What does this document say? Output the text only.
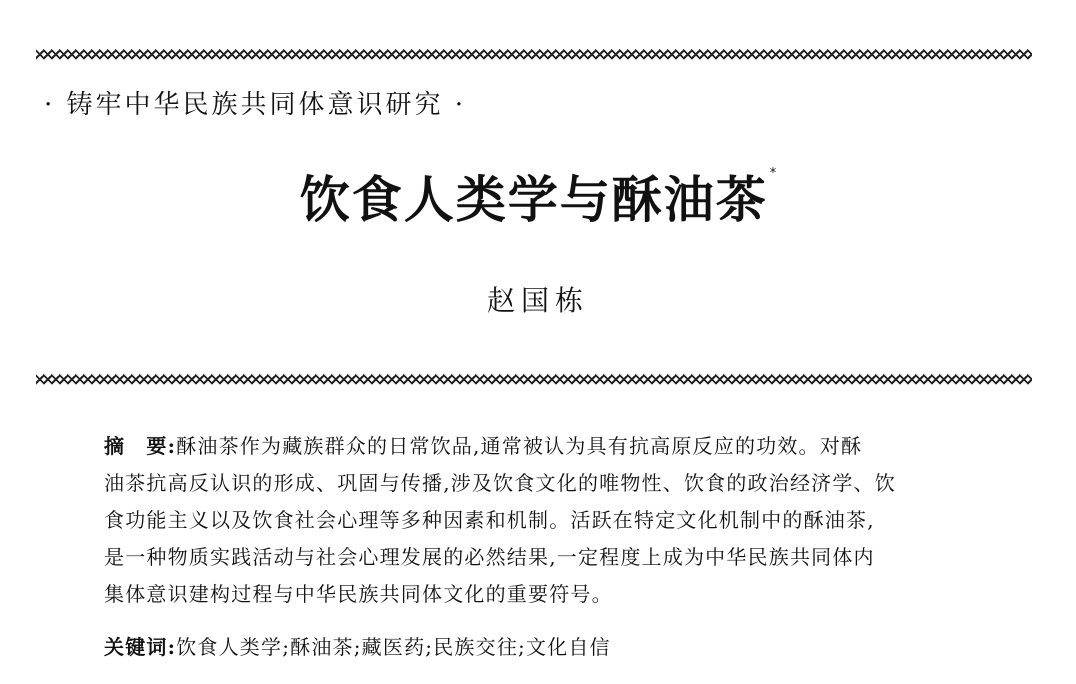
· 铸牢中华民族共同体意识研究 ·
饮食人类学与酥油茶 *
赵国栋

摘　要:酥油茶作为藏族群众的日常饮品,通常被认为具有抗高原反应的功效。对酥

油茶抗高反认识的形成、巩固与传播,涉及饮食文化的唯物性、饮食的政治经济学、饮

食功能主义以及饮食社会心理等多种因素和机制。活跃在特定文化机制中的酥油茶,

是一种物质实践活动与社会心理发展的必然结果,一定程度上成为中华民族共同体内

集体意识建构过程与中华民族共同体文化的重要符号。

关键词:饮食人类学;酥油茶;藏医药;民族交往;文化自信
